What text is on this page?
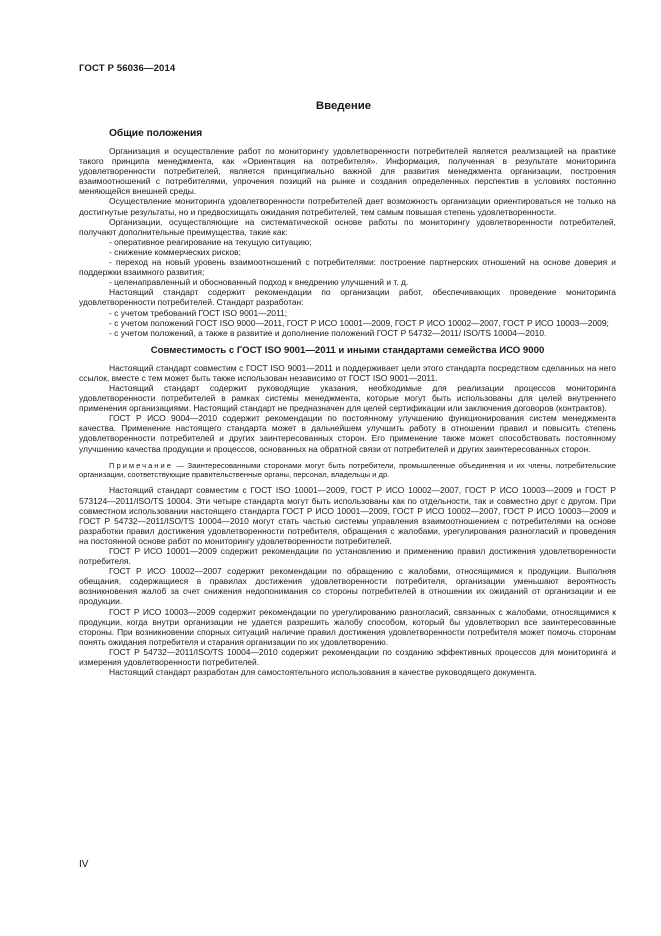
ГОСТ Р 56036—2014
Введение
Общие положения

Организация и осуществление работ по мониторингу удовлетворенности потребителей является реализацией на практике такого принципа менеджмента, как «Ориентация на потребителя». Информация, полученная в результате мониторинга удовлетворенности потребителей, является принципиально важной для развития менеджмента организации, построения взаимоотношений с потребителями, упрочения позиций на рынке и создания определенных перспектив в условиях постоянно меняющейся внешней среды.

Осуществление мониторинга удовлетворенности потребителей дает возможность организации ориентироваться не только на достигнутые результаты, но и предвосхищать ожидания потребителей, тем самым повышая степень удовлетворенности.

Организации, осуществляющие на систематической основе работы по мониторингу удовлетворенности потребителей, получают дополнительные преимущества, такие как:

- оперативное реагирование на текущую ситуацию;

- снижение коммерческих рисков;

- переход на новый уровень взаимоотношений с потребителями: построение партнерских отношений на основе доверия и поддержки взаимного развития;

- целенаправленный и обоснованный подход к внедрению улучшений и т. д.

Настоящий стандарт содержит рекомендации по организации работ, обеспечивающих проведение мониторинга удовлетворенности потребителей. Стандарт разработан:

- с учетом требований ГОСТ ISO 9001—2011;

- с учетом положений ГОСТ ISO 9000—2011, ГОСТ Р ИСО 10001—2009, ГОСТ Р ИСО 10002—2007, ГОСТ Р ИСО 10003—2009;

- с учетом положений, а также в развитие и дополнение положений ГОСТ Р 54732—2011/ ISO/TS 10004—2010.

Совместимость с ГОСТ ISO 9001—2011 и иными стандартами семейства ИСО 9000

Настоящий стандарт совместим с ГОСТ ISO 9001—2011 и поддерживает цели этого стандарта посредством сделанных на него ссылок, вместе с тем может быть также использован независимо от ГОСТ ISO 9001—2011.

Настоящий стандарт содержит руководящие указания, необходимые для реализации процессов мониторинга удовлетворенности потребителей в рамках системы менеджмента, которые могут быть использованы для целей внутреннего применения организациями. Настоящий стандарт не предназначен для целей сертификации или заключения договоров (контрактов).

ГОСТ Р ИСО 9004—2010 содержит рекомендации по постоянному улучшению функционирования систем менеджмента качества. Применение настоящего стандарта может в дальнейшем улучшить работу в отношении правил и повысить степень удовлетворенности потребителей и других заинтересованных сторон. Его применение также может способствовать постоянному улучшению качества продукции и процессов, основанных на обратной связи от потребителей и других заинтересованных сторон.

Примечание — Заинтересованными сторонами могут быть потребители, промышленные объединения и их члены, потребительские организации, соответствующие правительственные органы, персонал, владельцы и др.

Настоящий стандарт совместим с ГОСТ ISO 10001—2009, ГОСТ Р ИСО 10002—2007, ГОСТ Р ИСО 10003—2009 и ГОСТ Р 573124—2011/ISO/TS 10004. Эти четыре стандарта могут быть использованы как по отдельности, так и совместно друг с другом. При совместном использовании настоящего стандарта ГОСТ Р ИСО 10001—2009, ГОСТ Р ИСО 10002—2007, ГОСТ Р ИСО 10003—2009 и ГОСТ Р 54732—2011/ISO/TS 10004—2010 могут стать частью системы управления взаимоотношением с потребителями на основе разработки правил достижения удовлетворенности потребителя, обращения с жалобами, урегулирования разногласий и проведения на постоянной основе работ по мониторингу удовлетворенности потребителей.

ГОСТ Р ИСО 10001—2009 содержит рекомендации по установлению и применению правил достижения удовлетворенности потребителя.

ГОСТ Р ИСО 10002—2007 содержит рекомендации по обращению с жалобами, относящимися к продукции. Выполняя обещания, содержащиеся в правилах достижения удовлетворенности потребителя, организации уменьшают вероятность возникновения жалоб за счет снижения недопонимания со стороны потребителей в отношении их ожиданий от организации и ее продукции.

ГОСТ Р ИСО 10003—2009 содержит рекомендации по урегулированию разногласий, связанных с жалобами, относящимися к продукции, когда внутри организации не удается разрешить жалобу способом, который бы удовлетворил все заинтересованные стороны. При возникновении спорных ситуаций наличие правил достижения удовлетворенности потребителя может помочь сторонам понять ожидания потребителя и старания организации по их удовлетворению.

ГОСТ Р 54732—2011/ISO/TS 10004—2010 содержит рекомендации по созданию эффективных процессов для мониторинга и измерения удовлетворенности потребителей.

Настоящий стандарт разработан для самостоятельного использования в качестве руководящего документа.

IV
